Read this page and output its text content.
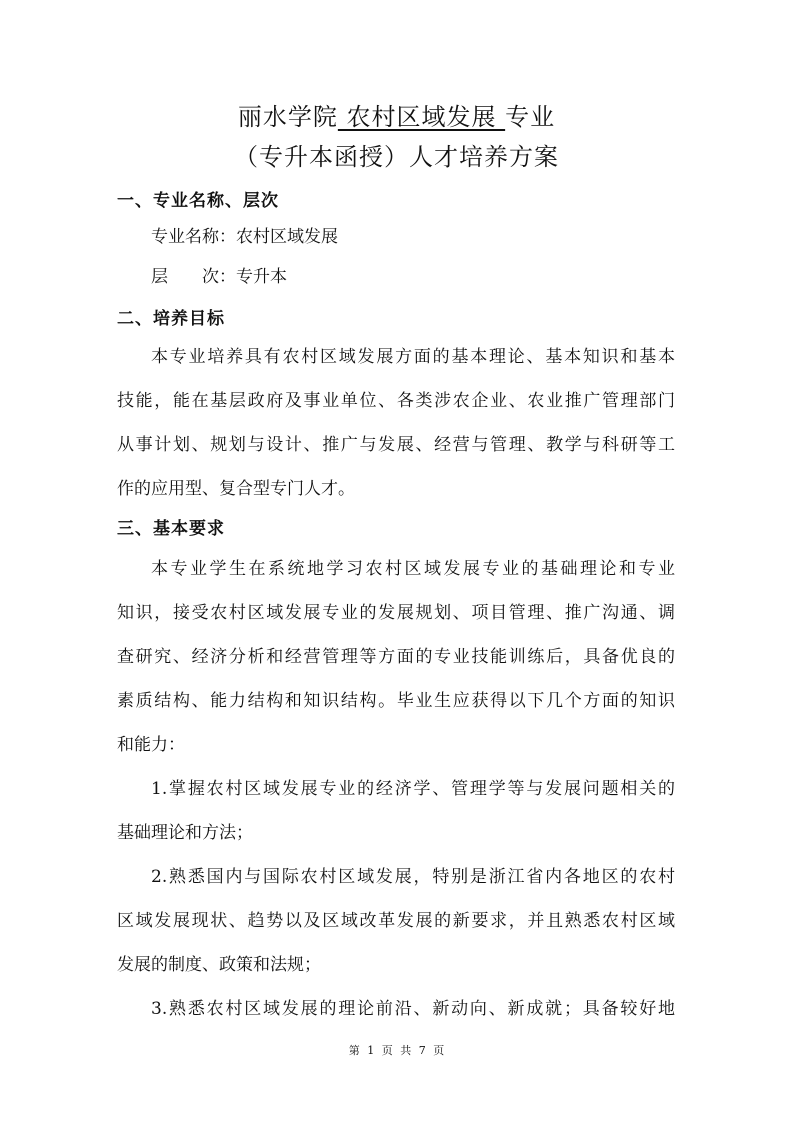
丽水学院 农村区域发展 专业
（专升本函授）人才培养方案
一、专业名称、层次
专业名称：农村区域发展
层　　次：专升本
二、培养目标
本专业培养具有农村区域发展方面的基本理论、基本知识和基本
技能，能在基层政府及事业单位、各类涉农企业、农业推广管理部门
从事计划、规划与设计、推广与发展、经营与管理、教学与科研等工
作的应用型、复合型专门人才。
三、基本要求
本专业学生在系统地学习农村区域发展专业的基础理论和专业
知识，接受农村区域发展专业的发展规划、项目管理、推广沟通、调
查研究、经济分析和经营管理等方面的专业技能训练后，具备优良的
素质结构、能力结构和知识结构。毕业生应获得以下几个方面的知识
和能力：
1.掌握农村区域发展专业的经济学、管理学等与发展问题相关的
基础理论和方法；
2.熟悉国内与国际农村区域发展，特别是浙江省内各地区的农村
区域发展现状、趋势以及区域改革发展的新要求，并且熟悉农村区域
发展的制度、政策和法规；
3.熟悉农村区域发展的理论前沿、新动向、新成就；具备较好地
第 1 页 共 7 页
